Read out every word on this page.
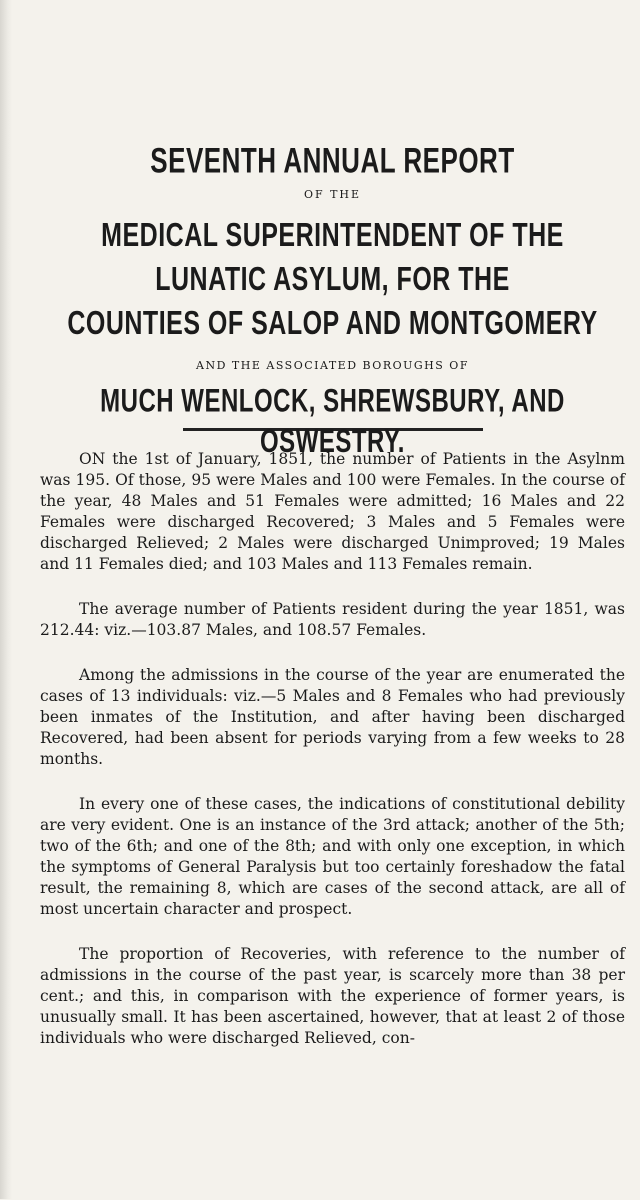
SEVENTH ANNUAL REPORT
OF THE
MEDICAL SUPERINTENDENT OF THE
LUNATIC ASYLUM, FOR THE
COUNTIES OF SALOP AND MONTGOMERY
AND THE ASSOCIATED BOROUGHS OF
MUCH WENLOCK, SHREWSBURY, AND OSWESTRY.

ON the 1st of January, 1851, the number of Patients in the Asylnm was 195. Of those, 95 were Males and 100 were Females. In the course of the year, 48 Males and 51 Females were admitted; 16 Males and 22 Females were discharged Recovered; 3 Males and 5 Females were discharged Relieved; 2 Males were discharged Unimproved; 19 Males and 11 Females died; and 103 Males and 113 Females remain.

The average number of Patients resident during the year 1851, was 212.44: viz.—103.87 Males, and 108.57 Females.

Among the admissions in the course of the year are enumerated the cases of 13 individuals: viz.—5 Males and 8 Females who had previously been inmates of the Institution, and after having been discharged Recovered, had been absent for periods varying from a few weeks to 28 months.

In every one of these cases, the indications of constitutional debility are very evident. One is an instance of the 3rd attack; another of the 5th; two of the 6th; and one of the 8th; and with only one exception, in which the symptoms of General Paralysis but too certainly foreshadow the fatal result, the remaining 8, which are cases of the second attack, are all of most uncertain character and prospect.

The proportion of Recoveries, with reference to the number of admissions in the course of the past year, is scarcely more than 38 per cent.; and this, in comparison with the experience of former years, is unusually small. It has been ascertained, however, that at least 2 of those individuals who were discharged Relieved, con-
